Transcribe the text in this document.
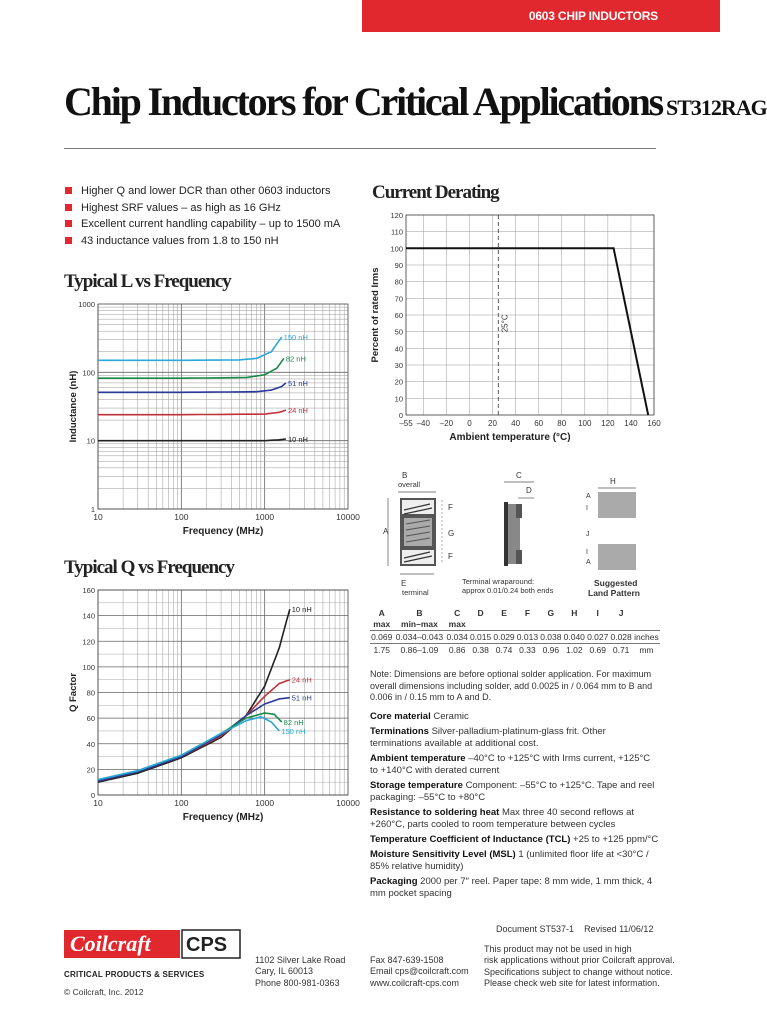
0603 CHIP INDUCTORS
Chip Inductors for Critical Applications ST312RAG
Higher Q and lower DCR than other 0603 inductors
Highest SRF values – as high as 16 GHz
Excellent current handling capability – up to 1500 mA
43 inductance values from 1.8 to 150 nH
Current Derating
Typical L vs Frequency
Typical Q vs Frequency
10	100	1000	10000
1
10
100
1000
Frequency (MHz)
Inductance (nH)
150 nH
82 nH
51 nH
24 nH
10 nH
10	100	1000	10000
0
20
40
60
80
100
120
140
160
Frequency (MHz)
Q Factor
10 nH
24 nH
51 nH
82 nH
150 nH
25°C
–55 –40 –20 0 20 40 60 80 100 120 140 160
0
10
20
30
40
50
60
70
80
90
100
110
120
Ambient temperature (°C)
Percent of rated Irms
B
overall
A
F
G
F
E
terminal
C
D
Terminal wraparound: approx 0.01/0.24 both ends
H
A
I
J
I
A
Suggested Land Pattern
A	B	C	D	E	F	G	H	I	J	
max	min–max	max								
0.069	0.034–0.043	0.034	0.015	0.029	0.013	0.038	0.040	0.027	0.028	inches
1.75	0.86–1.09	0.86	0.38	0.74	0.33	0.96	1.02	0.69	0.71	mm
Note: Dimensions are before optional solder application. For maximum overall dimensions including solder, add 0.0025 in / 0.064 mm to B and 0.006 in / 0.15 mm to A and D.

Core material Ceramic

Terminations Silver-palladium-platinum-glass frit. Other terminations available at additional cost.

Ambient temperature –40°C to +125°C with Irms current, +125°C to +140°C with derated current

Storage temperature Component: –55°C to +125°C. Tape and reel packaging: –55°C to +80°C

Resistance to soldering heat Max three 40 second reflows at +260°C, parts cooled to room temperature between cycles

Temperature Coefficient of Inductance (TCL) +25 to +125 ppm/°C

Moisture Sensitivity Level (MSL) 1 (unlimited floor life at <30°C / 85% relative humidity)

Packaging 2000 per 7″ reel. Paper tape: 8 mm wide, 1 mm thick, 4 mm pocket spacing

Document ST537-1 Revised 11/06/12
Coilcraft CPS
CRITICAL PRODUCTS & SERVICES
© Coilcraft, Inc. 2012
1102 Silver Lake Road
Cary, IL 60013
Phone 800-981-0363
Fax 847-639-1508
Email cps@coilcraft.com
www.coilcraft-cps.com
This product may not be used in high
risk applications without prior Coilcraft approval.
Specifications subject to change without notice.
Please check web site for latest information.
